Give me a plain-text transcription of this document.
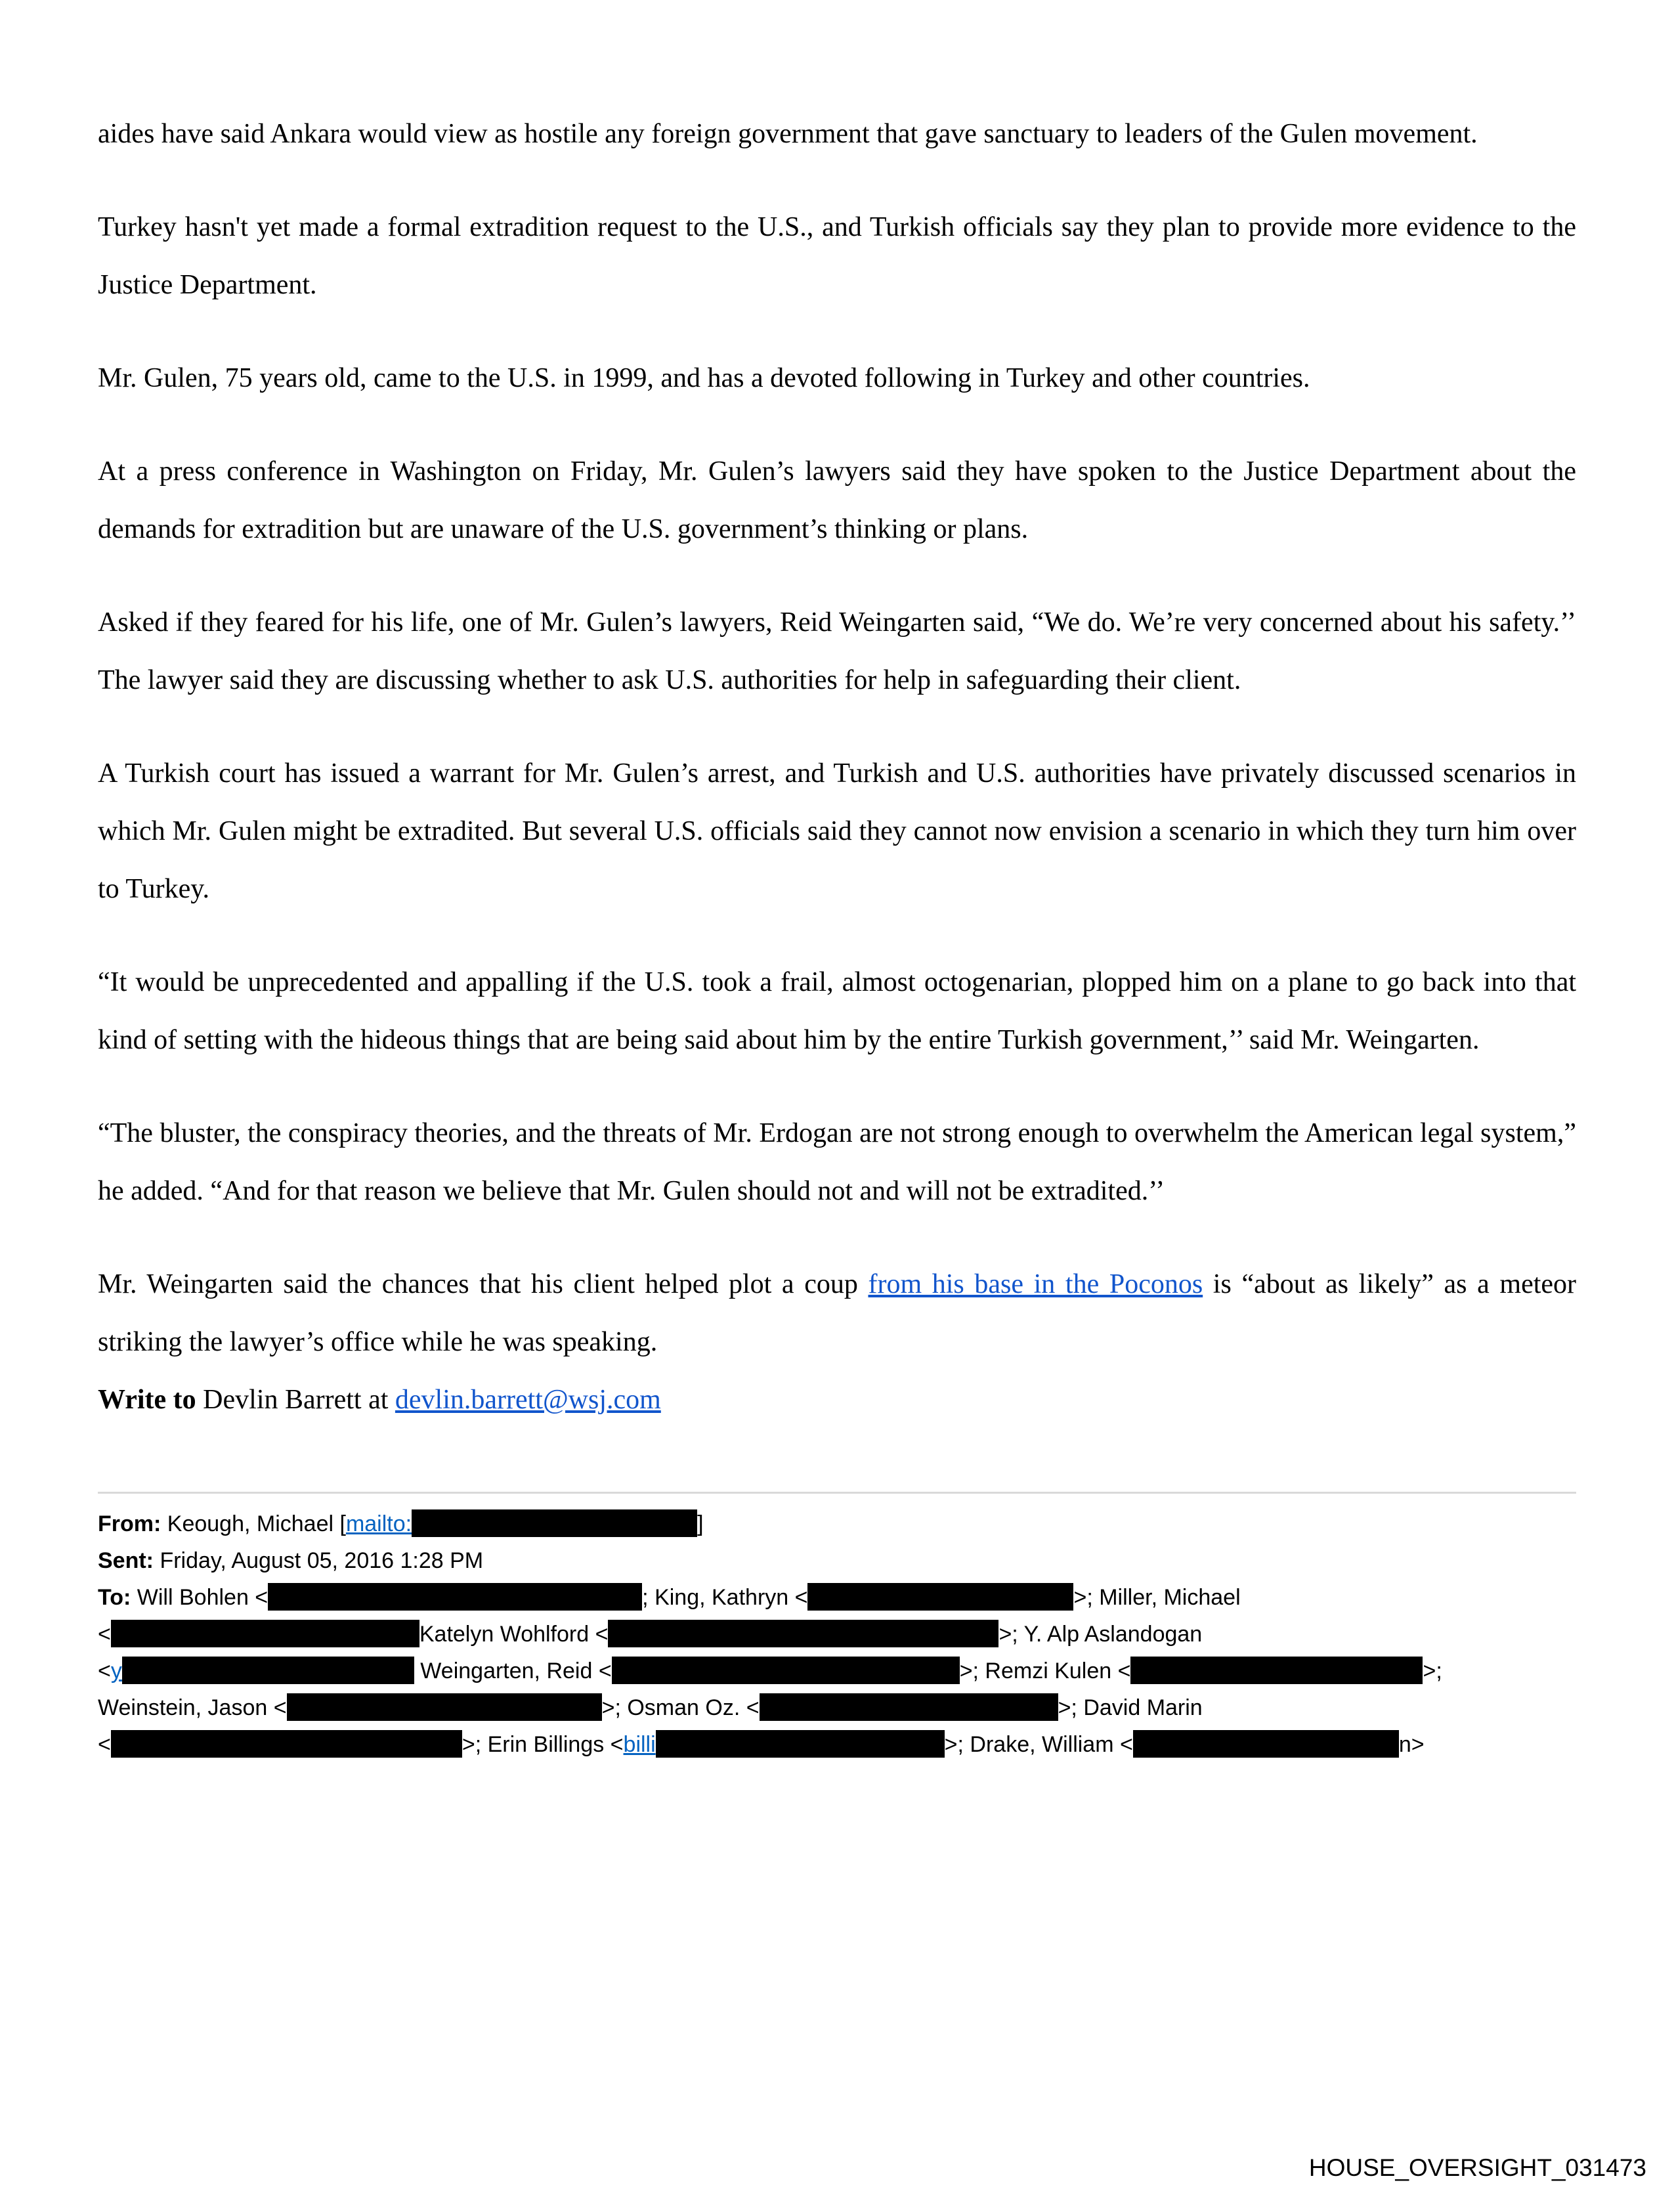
aides have said Ankara would view as hostile any foreign government that gave sanctuary to leaders of the Gulen movement.

Turkey hasn't yet made a formal extradition request to the U.S., and Turkish officials say they plan to provide more evidence to the Justice Department.

Mr. Gulen, 75 years old, came to the U.S. in 1999, and has a devoted following in Turkey and other countries.

At a press conference in Washington on Friday, Mr. Gulen’s lawyers said they have spoken to the Justice Department about the demands for extradition but are unaware of the U.S. government’s thinking or plans.

Asked if they feared for his life, one of Mr. Gulen’s lawyers, Reid Weingarten said, “We do. We’re very concerned about his safety.’’ The lawyer said they are discussing whether to ask U.S. authorities for help in safeguarding their client.

A Turkish court has issued a warrant for Mr. Gulen’s arrest, and Turkish and U.S. authorities have privately discussed scenarios in which Mr. Gulen might be extradited. But several U.S. officials said they cannot now envision a scenario in which they turn him over to Turkey.

“It would be unprecedented and appalling if the U.S. took a frail, almost octogenarian, plopped him on a plane to go back into that kind of setting with the hideous things that are being said about him by the entire Turkish government,’’ said Mr. Weingarten.

“The bluster, the conspiracy theories, and the threats of Mr. Erdogan are not strong enough to overwhelm the American legal system,” he added. “And for that reason we believe that Mr. Gulen should not and will not be extradited.’’

Mr. Weingarten said the chances that his client helped plot a coup from his base in the Poconos is “about as likely” as a meteor striking the lawyer’s office while he was speaking.

Write to Devlin Barrett at devlin.barrett@wsj.com

From: Keough, Michael [mailto:	]
Sent: Friday, August 05, 2016 1:28 PM
To: Will Bohlen <	; King, Kathryn <	>; Miller, Michael
<	Katelyn Wohlford <	>; Y. Alp Aslandogan
<y	Weingarten, Reid <	>; Remzi Kulen <	>;
Weinstein, Jason <	>; Osman Oz. <	>; David Marin
<	>; Erin Billings <billi	>; Drake, William <	n>
HOUSE_OVERSIGHT_031473
